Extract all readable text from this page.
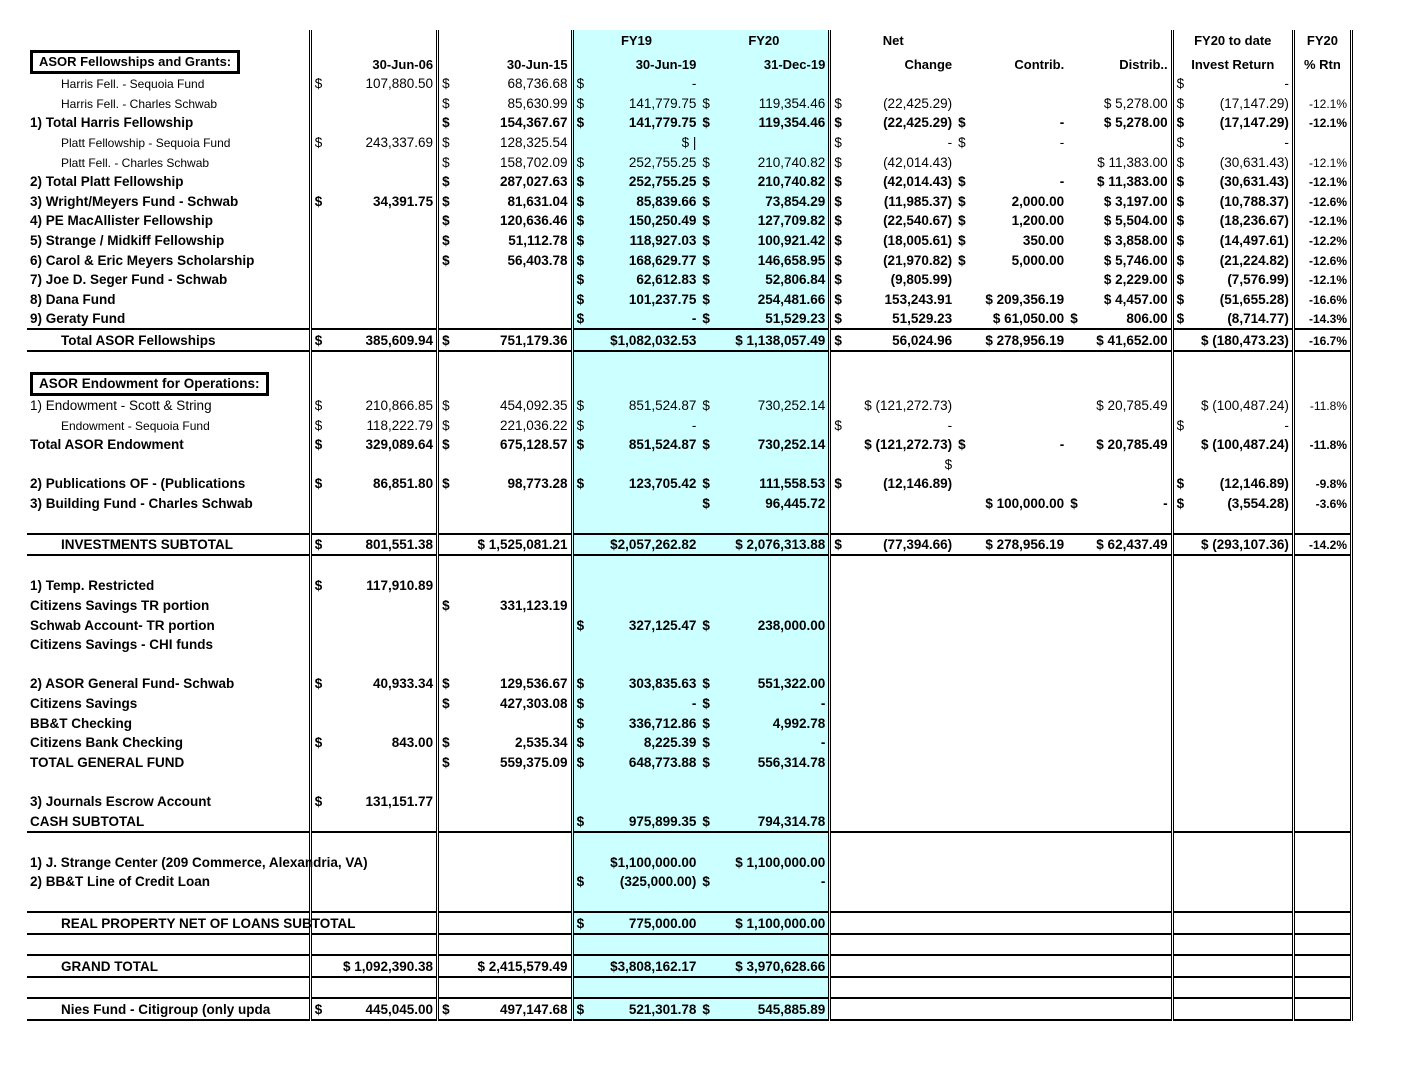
			FY19	FY20	Net			FY20 to date	FY20
ASOR Fellowships and Grants:	30-Jun-06	30-Jun-15	30-Jun-19	31-Dec-19	Change	Contrib.	Distrib..	Invest Return	% Rtn
Harris Fell. - Sequoia Fund	$ 107,880.50	$ 68,736.68	$ -					$ -	

Harris Fell. - Charles Schwab		$ 85,630.99	$ 141,779.75	$ 119,354.46	$ (22,425.29)		$ 5,278.00	$ (17,147.29)	-12.1%
1) Total Harris Fellowship		$ 154,367.67	$ 141,779.75	$ 119,354.46	$ (22,425.29)	$ -	$ 5,278.00	$ (17,147.29)	-12.1%
Platt Fellowship - Sequoia Fund	$ 243,337.69	$ 128,325.54	$ |		$ -	$ -		$ -	

Platt Fell. - Charles Schwab		$ 158,702.09	$ 252,755.25	$ 210,740.82	$ (42,014.43)		$ 11,383.00	$ (30,631.43)	-12.1%
2) Total Platt Fellowship		$ 287,027.63	$ 252,755.25	$ 210,740.82	$ (42,014.43)	$ -	$ 11,383.00	$ (30,631.43)	-12.1%
3) Wright/Meyers Fund - Schwab	$ 34,391.75	$ 81,631.04	$ 85,839.66	$ 73,854.29	$ (11,985.37)	$ 2,000.00	$ 3,197.00	$ (10,788.37)	-12.6%
4) PE MacAllister Fellowship		$ 120,636.46	$ 150,250.49	$ 127,709.82	$ (22,540.67)	$ 1,200.00	$ 5,504.00	$ (18,236.67)	-12.1%
5) Strange / Midkiff Fellowship		$ 51,112.78	$ 118,927.03	$ 100,921.42	$ (18,005.61)	$ 350.00	$ 3,858.00	$ (14,497.61)	-12.2%
6) Carol & Eric Meyers Scholarship		$ 56,403.78	$ 168,629.77	$ 146,658.95	$ (21,970.82)	$ 5,000.00	$ 5,746.00	$ (21,224.82)	-12.6%
7) Joe D. Seger Fund - Schwab			$ 62,612.83	$ 52,806.84	$ (9,805.99)		$ 2,229.00	$ (7,576.99)	-12.1%
8) Dana Fund			$ 101,237.75	$ 254,481.66	$ 153,243.91	$ 209,356.19	$ 4,457.00	$ (51,655.28)	-16.6%
9) Geraty Fund			$ -	$ 51,529.23	$ 51,529.23	$ 61,050.00	$ 806.00	$ (8,714.77)	-14.3%
Total ASOR Fellowships	$ 385,609.94	$ 751,179.36	$1,082,032.53	$ 1,138,057.49	$ 56,024.96	$ 278,956.19	$ 41,652.00	$ (180,473.23)	-16.7%

ASOR Endowment for Operations:									
1) Endowment - Scott & String	$ 210,866.85	$ 454,092.35	$ 851,524.87	$ 730,252.14	$ (121,272.73)		$ 20,785.49	$ (100,487.24)	-11.8%
Endowment - Sequoia Fund	$ 118,222.79	$ 221,036.22	$ -		$ -			$ -	

Total ASOR Endowment	$ 329,089.64	$ 675,128.57	$ 851,524.87	$ 730,252.14	$ (121,272.73)	$ -	$ 20,785.49	$ (100,487.24)	-11.8%
					$				
2) Publications OF - (Publications	$ 86,851.80	$ 98,773.28	$ 123,705.42	$ 111,558.53	$ (12,146.89)			$ (12,146.89)	-9.8%
3) Building Fund - Charles Schwab				$ 96,445.72		$ 100,000.00	$ -	$ (3,554.28)	-3.6%

INVESTMENTS SUBTOTAL	$ 801,551.38	$ 1,525,081.21	$2,057,262.82	$ 2,076,313.88	$ (77,394.66)	$ 278,956.19	$ 62,437.49	$ (293,107.36)	-14.2%

1) Temp. Restricted	$ 117,910.89								

Citizens Savings TR portion		$ 331,123.19							

Schwab Account- TR portion			$ 327,125.47	$ 238,000.00					

Citizens Savings - CHI funds									

2) ASOR General Fund- Schwab	$ 40,933.34	$ 129,536.67	$ 303,835.63	$ 551,322.00					

Citizens Savings		$ 427,303.08	$ -	$ -					

BB&T Checking			$ 336,712.86	$ 4,992.78					

Citizens Bank Checking	$ 843.00	$ 2,535.34	$ 8,225.39	$ -					

TOTAL GENERAL FUND		$ 559,375.09	$ 648,773.88	$ 556,314.78					

3) Journals Escrow Account	$ 131,151.77								

CASH SUBTOTAL			$ 975,899.35	$ 794,314.78					

1) J. Strange Center (209 Commerce, Alexandria, VA)			$1,100,000.00	$ 1,100,000.00					
2) BB&T Line of Credit Loan			$ (325,000.00)	$ -					

REAL PROPERTY NET OF LOANS SUBTOTAL			$ 775,000.00	$ 1,100,000.00					

GRAND TOTAL	$ 1,092,390.38	$ 2,415,579.49	$3,808,162.17	$ 3,970,628.66					

Nies Fund - Citigroup (only upda	$ 445,045.00	$ 497,147.68	$ 521,301.78	$ 545,885.89					
